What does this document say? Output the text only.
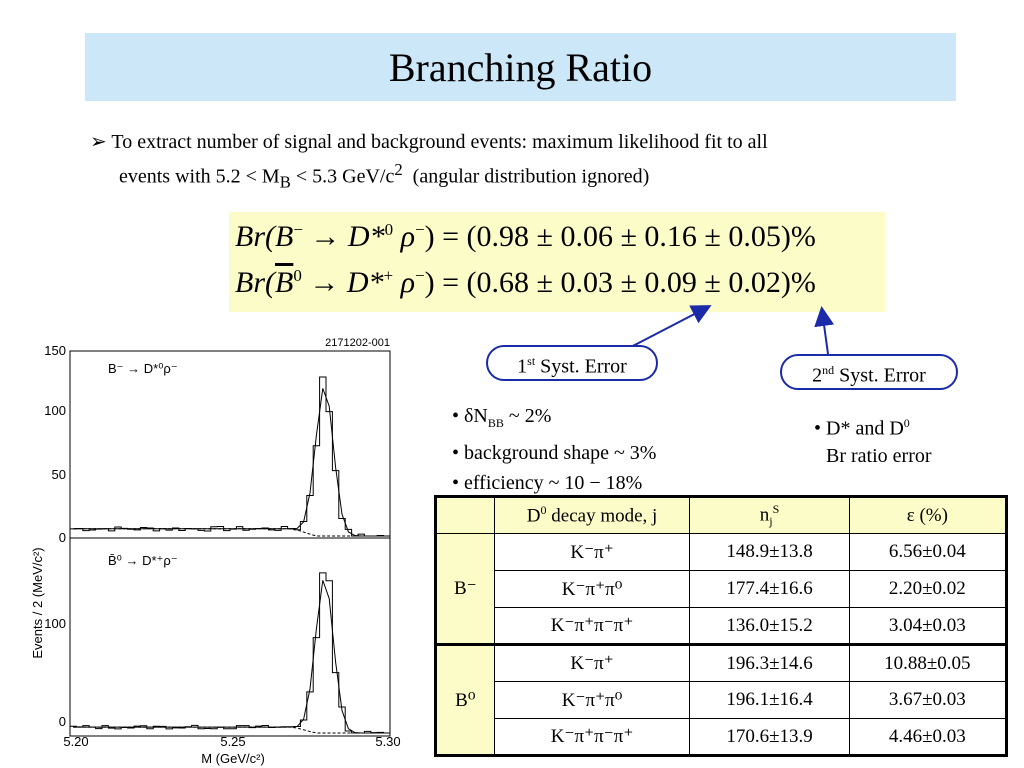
Branching Ratio
➢ To extract number of signal and background events: maximum likelihood fit to all
events with $5.2 < M_B < 5.3$ GeV/$c^2$  (angular distribution ignored)
Br(B− → D*$^0$ ρ−) = (0.98 ± 0.06 ± 0.16 ± 0.05)%
$Br(\overline{B}^0 \to D*^+$ ρ−) = (0.68 ± 0.03 ± 0.09 ± 0.02)%
1st Syst. Error	2nd Syst. Error
• $\delta N_{BB}$ ~ 2%
• background shape ~ 3%
• efficiency ~ 10 − 18%
• D* and $D^0$
Br ratio error
2171202-001
B⁻ → D*⁰ρ⁻
B̄⁰ → D*⁺ρ⁻
150
100
50
0
100
0
5.20	5.25	5.30
M (GeV/c²)
Events / 2 (MeV/c²)
	$D^0$ decay mode, j	$n_j^S$	ε (%)
B⁻	K⁻π⁺	148.9±13.8	6.56±0.04
	K⁻π⁺π⁰	177.4±16.6	2.20±0.02
	K⁻π⁺π⁻π⁺	136.0±15.2	3.04±0.03
B⁰	K⁻π⁺	196.3±14.6	10.88±0.05
	K⁻π⁺π⁰	196.1±16.4	3.67±0.03
	K⁻π⁺π⁻π⁺	170.6±13.9	4.46±0.03
